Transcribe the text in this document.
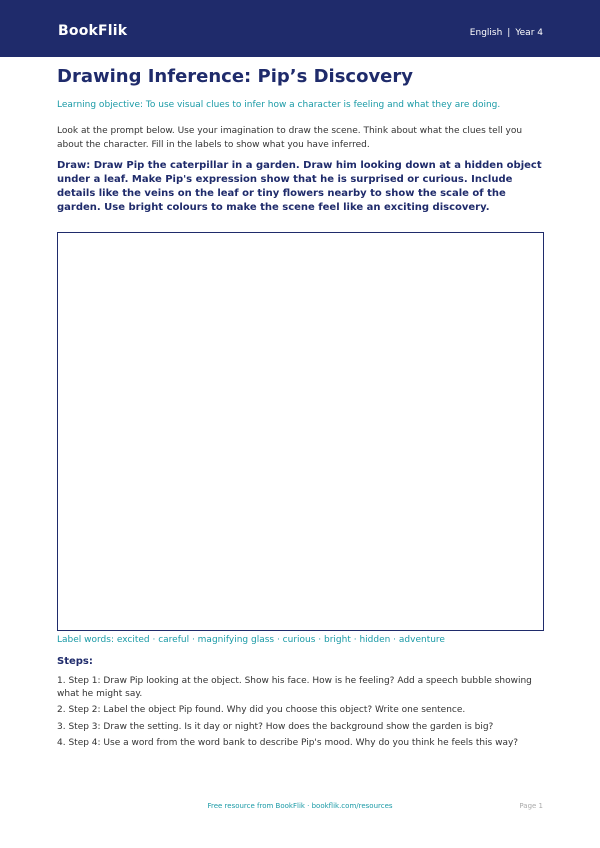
BookFlik	English | Year 4
Drawing Inference: Pip’s Discovery
Learning objective: To use visual clues to infer how a character is feeling and what they are doing.
Look at the prompt below. Use your imagination to draw the scene. Think about what the clues tell you about the character. Fill in the labels to show what you have inferred.
Draw: Draw Pip the caterpillar in a garden. Draw him looking down at a hidden object under a leaf. Make Pip's expression show that he is surprised or curious. Include details like the veins on the leaf or tiny flowers nearby to show the scale of the garden. Use bright colours to make the scene feel like an exciting discovery.
Label words: excited · careful · magnifying glass · curious · bright · hidden · adventure
Steps:
1. Step 1: Draw Pip looking at the object. Show his face. How is he feeling? Add a speech bubble showing what he might say.
2. Step 2: Label the object Pip found. Why did you choose this object? Write one sentence.
3. Step 3: Draw the setting. Is it day or night? How does the background show the garden is big?
4. Step 4: Use a word from the word bank to describe Pip's mood. Why do you think he feels this way?
Free resource from BookFlik · bookflik.com/resources	Page 1
